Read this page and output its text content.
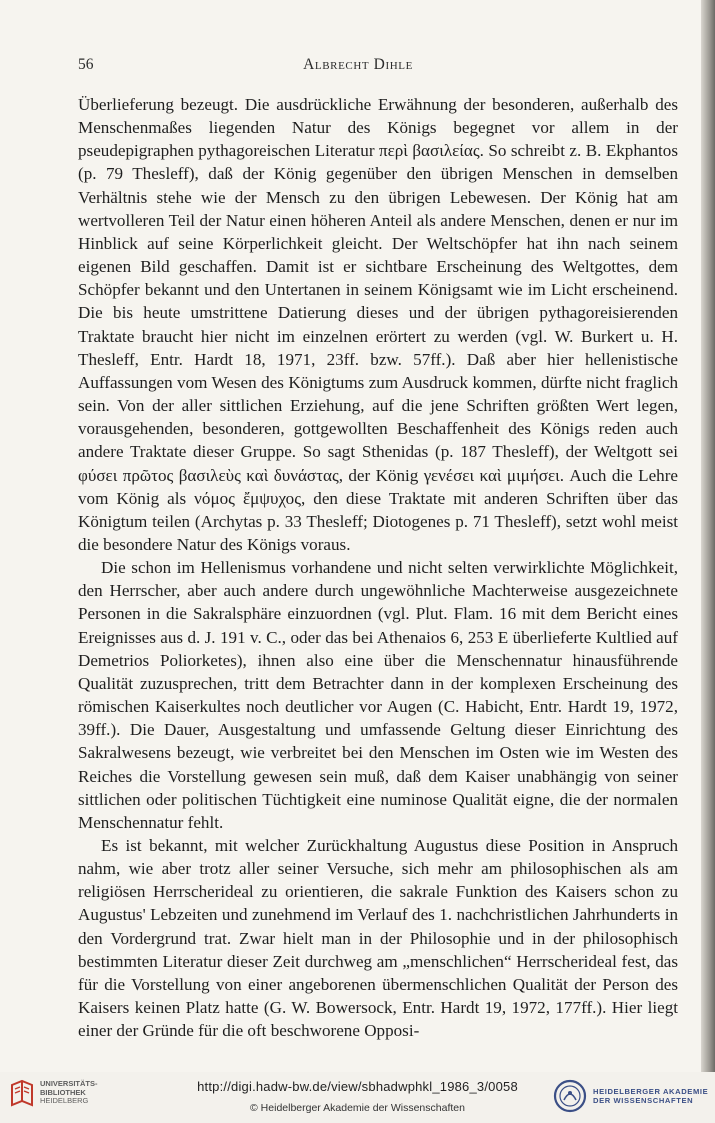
56	Albrecht Dihle

Überlieferung bezeugt. Die ausdrückliche Erwähnung der besonderen, außerhalb des Menschenmaßes liegenden Natur des Königs begegnet vor allem in der pseudepigraphen pythagoreischen Literatur περὶ βασιλείας. So schreibt z. B. Ekphantos (p. 79 Thesleff), daß der König gegenüber den übrigen Menschen in demselben Verhältnis stehe wie der Mensch zu den übrigen Lebewesen. Der König hat am wertvolleren Teil der Natur einen höheren Anteil als andere Menschen, denen er nur im Hinblick auf seine Körperlichkeit gleicht. Der Weltschöpfer hat ihn nach seinem eigenen Bild geschaffen. Damit ist er sichtbare Erscheinung des Weltgottes, dem Schöpfer bekannt und den Untertanen in seinem Königsamt wie im Licht erscheinend. Die bis heute umstrittene Datierung dieses und der übrigen pythagoreisierenden Traktate braucht hier nicht im einzelnen erörtert zu werden (vgl. W. Burkert u. H. Thesleff, Entr. Hardt 18, 1971, 23ff. bzw. 57ff.). Daß aber hier hellenistische Auffassungen vom Wesen des Königtums zum Ausdruck kommen, dürfte nicht fraglich sein. Von der aller sittlichen Erziehung, auf die jene Schriften größten Wert legen, vorausgehenden, besonderen, gottgewollten Beschaffenheit des Königs reden auch andere Traktate dieser Gruppe. So sagt Sthenidas (p. 187 Thesleff), der Weltgott sei φύσει πρῶτος βασιλεὺς καὶ δυνάστας, der König γενέσει καὶ μιμήσει. Auch die Lehre vom König als νόμος ἔμψυχος, den diese Traktate mit anderen Schriften über das Königtum teilen (Archytas p. 33 Thesleff; Diotogenes p. 71 Thesleff), setzt wohl meist die besondere Natur des Königs voraus.

Die schon im Hellenismus vorhandene und nicht selten verwirklichte Möglichkeit, den Herrscher, aber auch andere durch ungewöhnliche Machterweise ausgezeichnete Personen in die Sakralsphäre einzuordnen (vgl. Plut. Flam. 16 mit dem Bericht eines Ereignisses aus d. J. 191 v. C., oder das bei Athenaios 6, 253 E überlieferte Kultlied auf Demetrios Poliorketes), ihnen also eine über die Menschennatur hinausführende Qualität zuzusprechen, tritt dem Betrachter dann in der komplexen Erscheinung des römischen Kaiserkultes noch deutlicher vor Augen (C. Habicht, Entr. Hardt 19, 1972, 39ff.). Die Dauer, Ausgestaltung und umfassende Geltung dieser Einrichtung des Sakralwesens bezeugt, wie verbreitet bei den Menschen im Osten wie im Westen des Reiches die Vorstellung gewesen sein muß, daß dem Kaiser unabhängig von seiner sittlichen oder politischen Tüchtigkeit eine numinose Qualität eigne, die der normalen Menschennatur fehlt.

Es ist bekannt, mit welcher Zurückhaltung Augustus diese Position in Anspruch nahm, wie aber trotz aller seiner Versuche, sich mehr am philosophischen als am religiösen Herrscherideal zu orientieren, die sakrale Funktion des Kaisers schon zu Augustus' Lebzeiten und zunehmend im Verlauf des 1. nachchristlichen Jahrhunderts in den Vordergrund trat. Zwar hielt man in der Philosophie und in der philosophisch bestimmten Literatur dieser Zeit durchweg am „menschlichen“ Herrscherideal fest, das für die Vorstellung von einer angeborenen übermenschlichen Qualität der Person des Kaisers keinen Platz hatte (G. W. Bowersock, Entr. Hardt 19, 1972, 177ff.). Hier liegt einer der Gründe für die oft beschworene Opposi-

UNIVERSITÄTS-
BIBLIOTHEK
HEIDELBERG
http://digi.hadw-bw.de/view/sbhadwphkl_1986_3/0058
© Heidelberger Akademie der Wissenschaften
HEIDELBERGER AKADEMIE
DER WISSENSCHAFTEN
